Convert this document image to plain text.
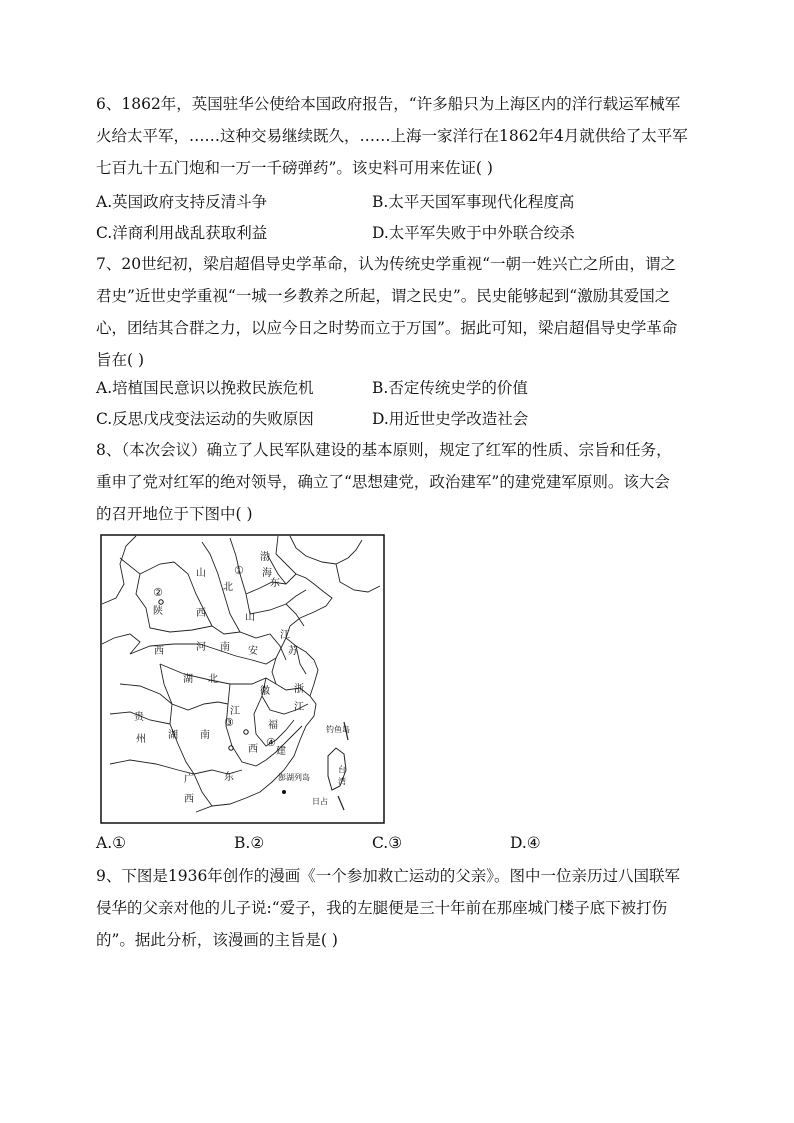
6、1862年，英国驻华公使给本国政府报告，“许多船只为上海区内的洋行载运军械军
火给太平军，……这种交易继续既久，……上海一家洋行在1862年4月就供给了太平军
七百九十五门炮和一万一千磅弹药”。该史料可用来佐证( )
A.英国政府支持反清斗争	B.太平天国军事现代化程度高
C.洋商利用战乱获取利益	D.太平军失败于中外联合绞杀
7、20世纪初，梁启超倡导史学革命，认为传统史学重视“一朝一姓兴亡之所由，谓之
君史”近世史学重视“一城一乡教养之所起，谓之民史”。民史能够起到“激励其爱国之
心，团结其合群之力，以应今日之时势而立于万国”。据此可知，梁启超倡导史学革命
旨在( )
A.培植国民意识以挽救民族危机	B.否定传统史学的价值
C.反思戊戌变法运动的失败原因	D.用近世史学改造社会
8、（本次会议）确立了人民军队建设的基本原则，规定了红军的性质、宗旨和任务，
重申了党对红军的绝对领导，确立了“思想建党，政治建军”的建党建军原则。该大会
的召开地位于下图中( )
渤
海
山
北
西
东
陕
山
河 南 安
西
江
苏
湖 北
徽 浙
江
贵
州 湖 南
江
西
福
建
广
西
东
台
湾
钓鱼岛
澎湖列岛
日占
①
②
③
④
A.①	B.②	C.③	D.④
9、下图是1936年创作的漫画《一个参加救亡运动的父亲》。图中一位亲历过八国联军
侵华的父亲对他的儿子说:“爱子，我的左腿便是三十年前在那座城门楼子底下被打伤
的”。据此分析，该漫画的主旨是( )
